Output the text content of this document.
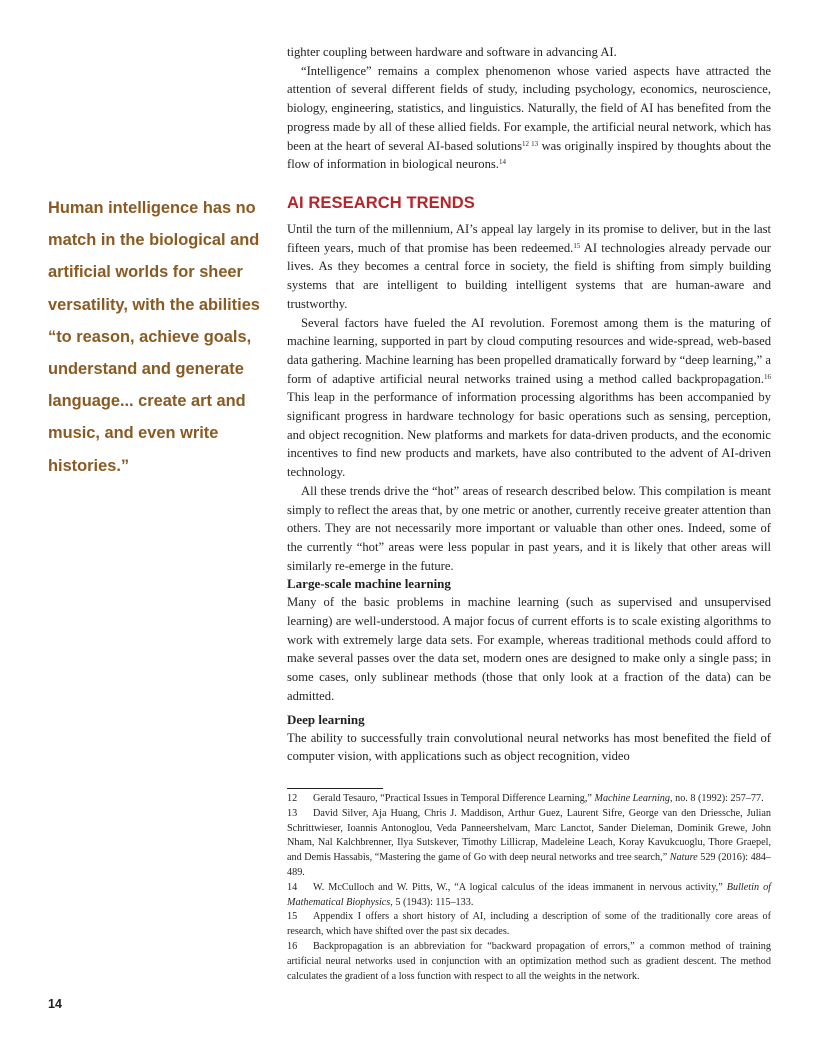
tighter coupling between hardware and software in advancing AI.

“Intelligence” remains a complex phenomenon whose varied aspects have attracted the attention of several different fields of study, including psychology, economics, neuroscience, biology, engineering, statistics, and linguistics. Naturally, the field of AI has benefited from the progress made by all of these allied fields. For example, the artificial neural network, which has been at the heart of several AI-based solutions$^{12 13}$ was originally inspired by thoughts about the flow of information in biological neurons.$^{14}$

Human intelligence has no match in the biological and artificial worlds for sheer versatility, with the abilities “to reason, achieve goals, understand and generate language... create art and music, and even write histories.”
AI RESEARCH TRENDS

Until the turn of the millennium, AI’s appeal lay largely in its promise to deliver, but in the last fifteen years, much of that promise has been redeemed.$^{15}$ AI technologies already pervade our lives. As they becomes a central force in society, the field is shifting from simply building systems that are intelligent to building intelligent systems that are human-aware and trustworthy.

Several factors have fueled the AI revolution. Foremost among them is the maturing of machine learning, supported in part by cloud computing resources and wide-spread, web-based data gathering. Machine learning has been propelled dramatically forward by “deep learning,” a form of adaptive artificial neural networks trained using a method called backpropagation.$^{16}$ This leap in the performance of information processing algorithms has been accompanied by significant progress in hardware technology for basic operations such as sensing, perception, and object recognition. New platforms and markets for data-driven products, and the economic incentives to find new products and markets, have also contributed to the advent of AI-driven technology.

All these trends drive the “hot” areas of research described below. This compilation is meant simply to reflect the areas that, by one metric or another, currently receive greater attention than others. They are not necessarily more important or valuable than other ones. Indeed, some of the currently “hot” areas were less popular in past years, and it is likely that other areas will similarly re-emerge in the future.

Large-scale machine learning

Many of the basic problems in machine learning (such as supervised and unsupervised learning) are well-understood. A major focus of current efforts is to scale existing algorithms to work with extremely large data sets. For example, whereas traditional methods could afford to make several passes over the data set, modern ones are designed to make only a single pass; in some cases, only sublinear methods (those that only look at a fraction of the data) can be admitted.

Deep learning

The ability to successfully train convolutional neural networks has most benefited the field of computer vision, with applications such as object recognition, video

12 Gerald Tesauro, “Practical Issues in Temporal Difference Learning,” Machine Learning, no. 8 (1992): 257–77.

13 David Silver, Aja Huang, Chris J. Maddison, Arthur Guez, Laurent Sifre, George van den Driessche, Julian Schrittwieser, Ioannis Antonoglou, Veda Panneershelvam, Marc Lanctot, Sander Dieleman, Dominik Grewe, John Nham, Nal Kalchbrenner, Ilya Sutskever, Timothy Lillicrap, Madeleine Leach, Koray Kavukcuoglu, Thore Graepel, and Demis Hassabis, “Mastering the game of Go with deep neural networks and tree search,” Nature 529 (2016): 484–489.

14 W. McCulloch and W. Pitts, W., “A logical calculus of the ideas immanent in nervous activity,” Bulletin of Mathematical Biophysics, 5 (1943): 115–133.

15 Appendix I offers a short history of AI, including a description of some of the traditionally core areas of research, which have shifted over the past six decades.

16 Backpropagation is an abbreviation for “backward propagation of errors,” a common method of training artificial neural networks used in conjunction with an optimization method such as gradient descent. The method calculates the gradient of a loss function with respect to all the weights in the network.

14
